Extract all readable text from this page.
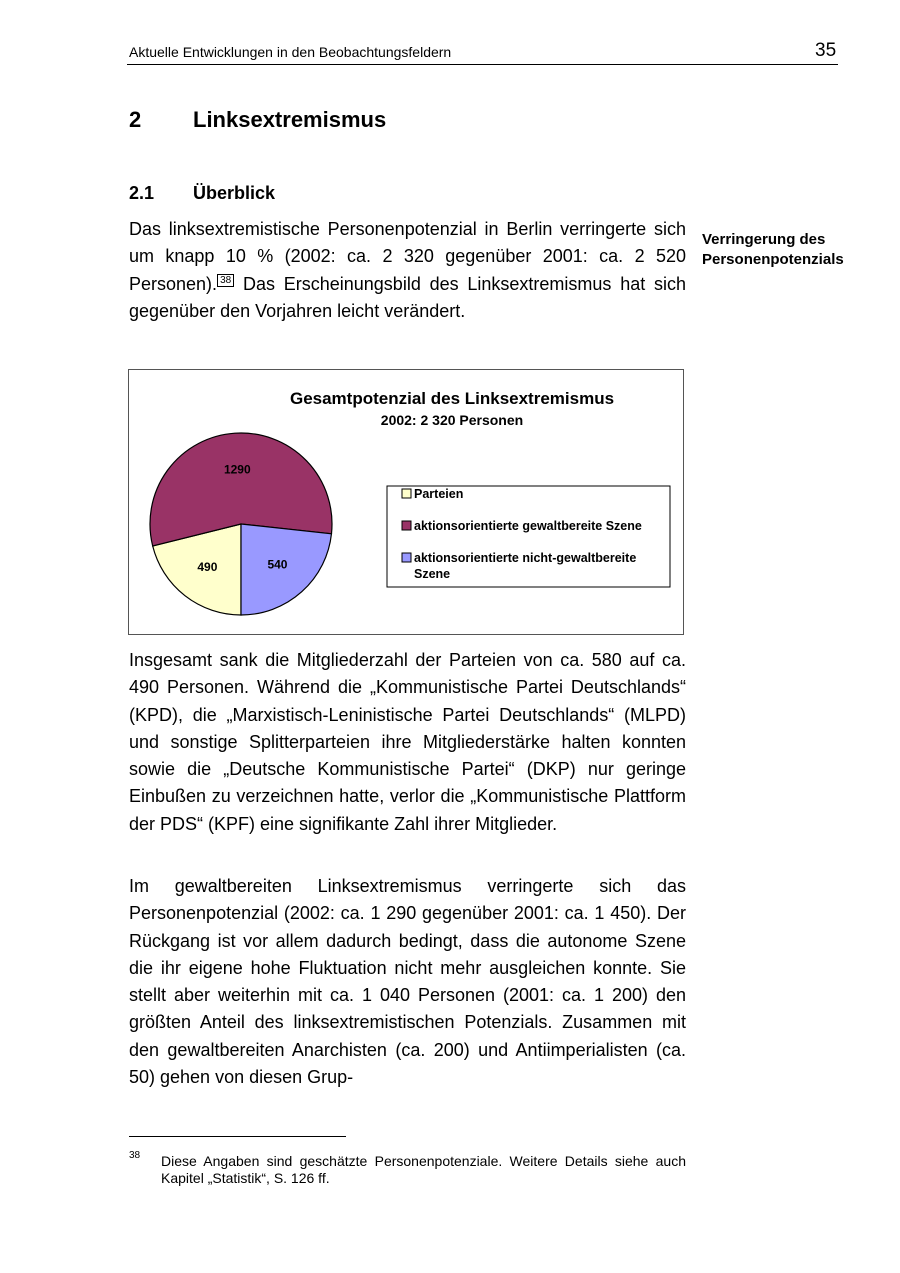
Aktuelle Entwicklungen in den Beobachtungsfeldern	35
2 Linksextremismus
2.1 Überblick
Das linksextremistische Personenpotenzial in Berlin verringerte sich um knapp 10 % (2002: ca. 2 320 gegenüber 2001: ca. 2 520 Personen). 38 Das Erscheinungsbild des Linksextremismus hat sich gegenüber den Vorjahren leicht verändert.
Verringerung des Personenpotenzials
Gesamtpotenzial des Linksextremismus
2002: 2 320 Personen
490
1290
540
Parteien
aktionsorientierte gewaltbereite Szene
aktionsorientierte nicht-gewaltbereite Szene
Insgesamt sank die Mitgliederzahl der Parteien von ca. 580 auf ca. 490 Personen. Während die „Kommunistische Partei Deutschlands“ (KPD), die „Marxistisch-Leninistische Partei Deutschlands“ (MLPD) und sonstige Splitterparteien ihre Mitgliederstärke halten konnten sowie die „Deutsche Kommunistische Partei“ (DKP) nur geringe Einbußen zu verzeichnen hatte, verlor die „Kommunistische Plattform der PDS“ (KPF) eine signifikante Zahl ihrer Mitglieder.
Im gewaltbereiten Linksextremismus verringerte sich das Personenpotenzial (2002: ca. 1 290 gegenüber 2001: ca. 1 450). Der Rückgang ist vor allem dadurch bedingt, dass die autonome Szene die ihr eigene hohe Fluktuation nicht mehr ausgleichen konnte. Sie stellt aber weiterhin mit ca. 1 040 Personen (2001: ca. 1 200) den größten Anteil des linksextremistischen Potenzials. Zusammen mit den gewaltbereiten Anarchisten (ca. 200) und Antiimperialisten (ca. 50) gehen von diesen Grup-
38 Diese Angaben sind geschätzte Personenpotenziale. Weitere Details siehe auch Kapitel „Statistik“, S. 126 ff.
